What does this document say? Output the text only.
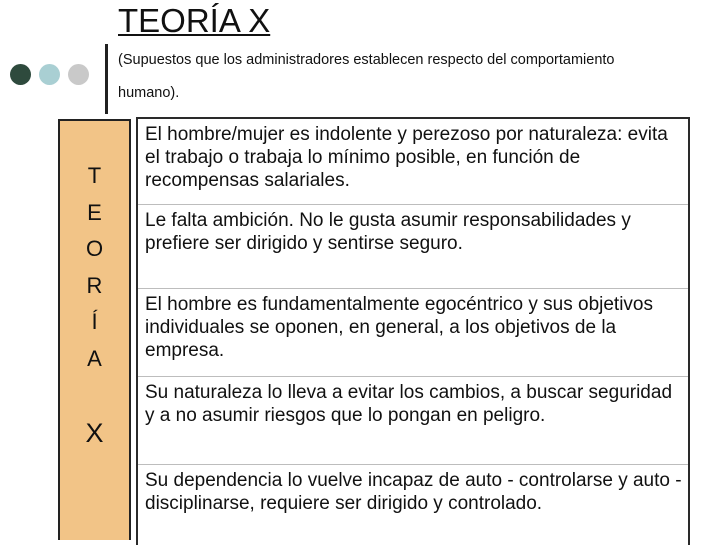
TEORÍA X

(Supuestos que los administradores establecen respecto del comportamiento humano).

T
E
O
R
Í
A
X
El hombre/mujer es indolente y perezoso por naturaleza: evita el trabajo o trabaja lo mínimo posible, en función de recompensas salariales.
Le falta ambición. No le gusta asumir responsabilidades y prefiere ser dirigido y sentirse seguro.
El hombre es fundamentalmente egocéntrico y sus objetivos individuales se oponen, en general, a los objetivos de la empresa.
Su naturaleza lo lleva a evitar los cambios, a buscar seguridad y a no asumir riesgos que lo pongan en peligro.
Su dependencia lo vuelve incapaz de auto - controlarse y auto - disciplinarse, requiere ser dirigido y controlado.
